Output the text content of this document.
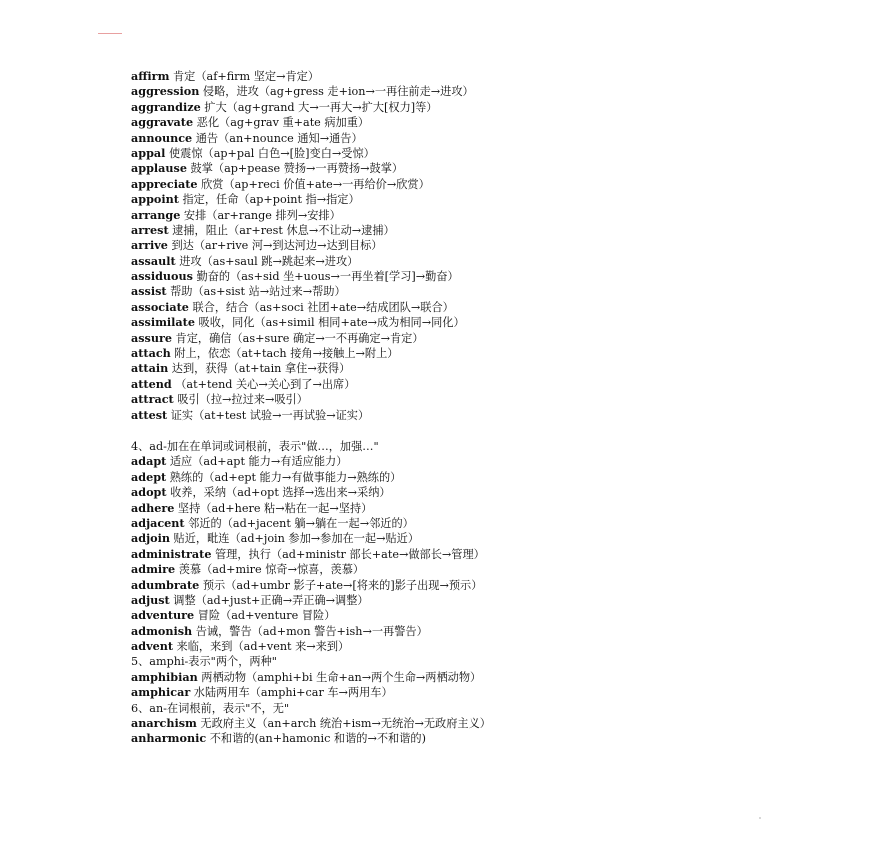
affirm 肯定（af+firm 坚定→肯定）
aggression 侵略，进攻（ag+gress 走+ion→一再往前走→进攻）
aggrandize 扩大（ag+grand 大→一再大→扩大[权力]等）
aggravate 恶化（ag+grav 重+ate 病加重）
announce 通告（an+nounce 通知→通告）
appal 使震惊（ap+pal 白色→[脸]变白→受惊）
applause 鼓掌（ap+pease 赞扬→一再赞扬→鼓掌）
appreciate 欣赏（ap+reci 价值+ate→一再给价→欣赏）
appoint 指定，任命（ap+point 指→指定）
arrange 安排（ar+range 排列→安排）
arrest 逮捕，阻止（ar+rest 休息→不让动→逮捕）
arrive 到达（ar+rive 河→到达河边→达到目标）
assault 进攻（as+saul 跳→跳起来→进攻）
assiduous 勤奋的（as+sid 坐+uous→一再坐着[学习]→勤奋）
assist 帮助（as+sist 站→站过来→帮助）
associate 联合，结合（as+soci 社团+ate→结成团队→联合）
assimilate 吸收，同化（as+simil 相同+ate→成为相同→同化）
assure 肯定，确信（as+sure 确定→一不再确定→肯定）
attach 附上，依恋（at+tach 接角→接触上→附上）
attain 达到，获得（at+tain 拿住→获得）
attend （at+tend 关心→关心到了→出席）
attract 吸引（拉→拉过来→吸引）
attest 证实（at+test 试验→一再试验→证实）
4、ad-加在在单词或词根前，表示"做…，加强…"
adapt 适应（ad+apt 能力→有适应能力）
adept 熟练的（ad+ept 能力→有做事能力→熟练的）
adopt 收养，采纳（ad+opt 选择→选出来→采纳）
adhere 坚持（ad+here 粘→粘在一起→坚持）
adjacent 邻近的（ad+jacent 躺→躺在一起→邻近的）
adjoin 贴近，毗连（ad+join 参加→参加在一起→贴近）
administrate 管理，执行（ad+ministr 部长+ate→做部长→管理）
admire 羡慕（ad+mire 惊奇→惊喜，羡慕）
adumbrate 预示（ad+umbr 影子+ate→[将来的]影子出现→预示）
adjust 调整（ad+just+正确→弄正确→调整）
adventure 冒险（ad+venture 冒险）
admonish 告诫，警告（ad+mon 警告+ish→一再警告）
advent 来临，来到（ad+vent 来→来到）
5、amphi-表示"两个，两种"
amphibian 两栖动物（amphi+bi 生命+an→两个生命→两栖动物）
amphicar 水陆两用车（amphi+car 车→两用车）
6、an-在词根前，表示"不，无"
anarchism 无政府主义（an+arch 统治+ism→无统治→无政府主义）
anharmonic 不和谐的(an+hamonic 和谐的→不和谐的)
